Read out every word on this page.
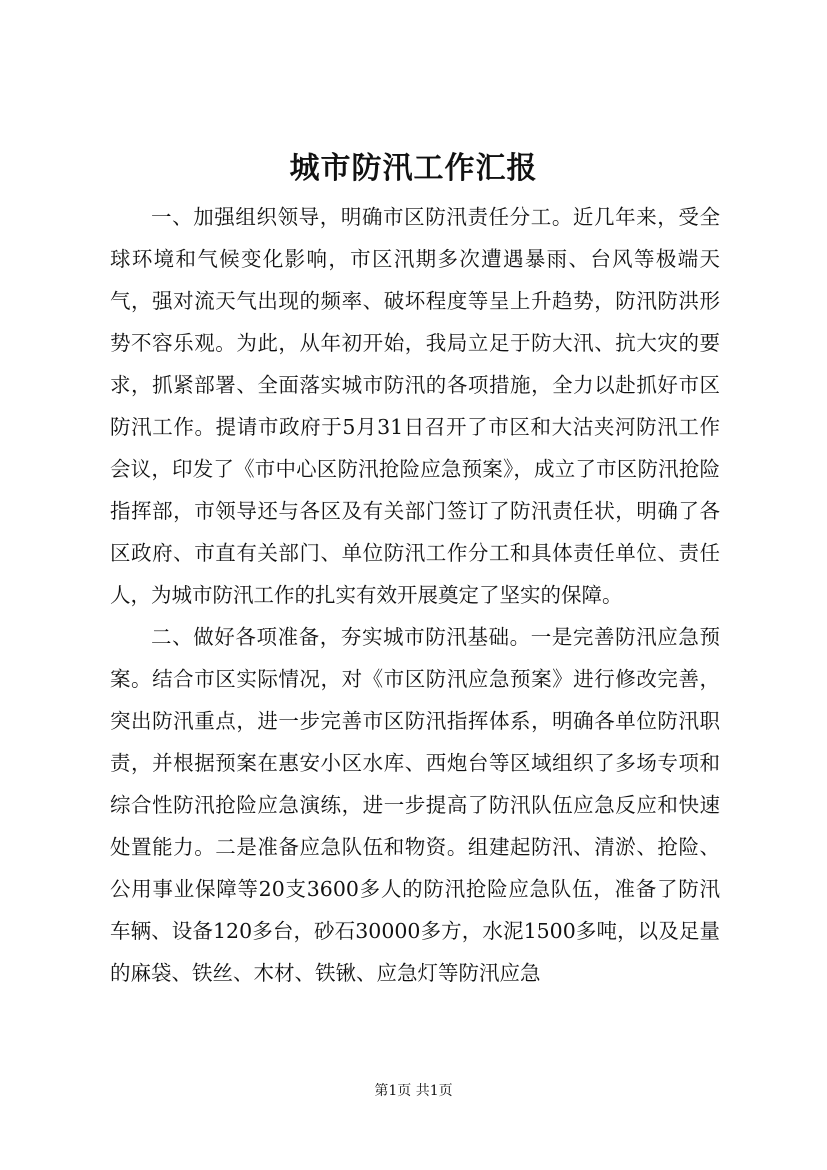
城市防汛工作汇报

一、加强组织领导，明确市区防汛责任分工。近几年来，受全球环境和气候变化影响，市区汛期多次遭遇暴雨、台风等极端天气，强对流天气出现的频率、破坏程度等呈上升趋势，防汛防洪形势不容乐观。为此，从年初开始，我局立足于防大汛、抗大灾的要求，抓紧部署、全面落实城市防汛的各项措施，全力以赴抓好市区防汛工作。提请市政府于5月31日召开了市区和大沽夹河防汛工作会议，印发了《市中心区防汛抢险应急预案》，成立了市区防汛抢险指挥部，市领导还与各区及有关部门签订了防汛责任状，明确了各区政府、市直有关部门、单位防汛工作分工和具体责任单位、责任人，为城市防汛工作的扎实有效开展奠定了坚实的保障。

二、做好各项准备，夯实城市防汛基础。一是完善防汛应急预案。结合市区实际情况，对《市区防汛应急预案》进行修改完善，突出防汛重点，进一步完善市区防汛指挥体系，明确各单位防汛职责，并根据预案在惠安小区水库、西炮台等区域组织了多场专项和综合性防汛抢险应急演练，进一步提高了防汛队伍应急反应和快速处置能力。二是准备应急队伍和物资。组建起防汛、清淤、抢险、公用事业保障等20支3600多人的防汛抢险应急队伍，准备了防汛车辆、设备120多台，砂石30000多方，水泥1500多吨，以及足量的麻袋、铁丝、木材、铁锹、应急灯等防汛应急

第1页 共1页
